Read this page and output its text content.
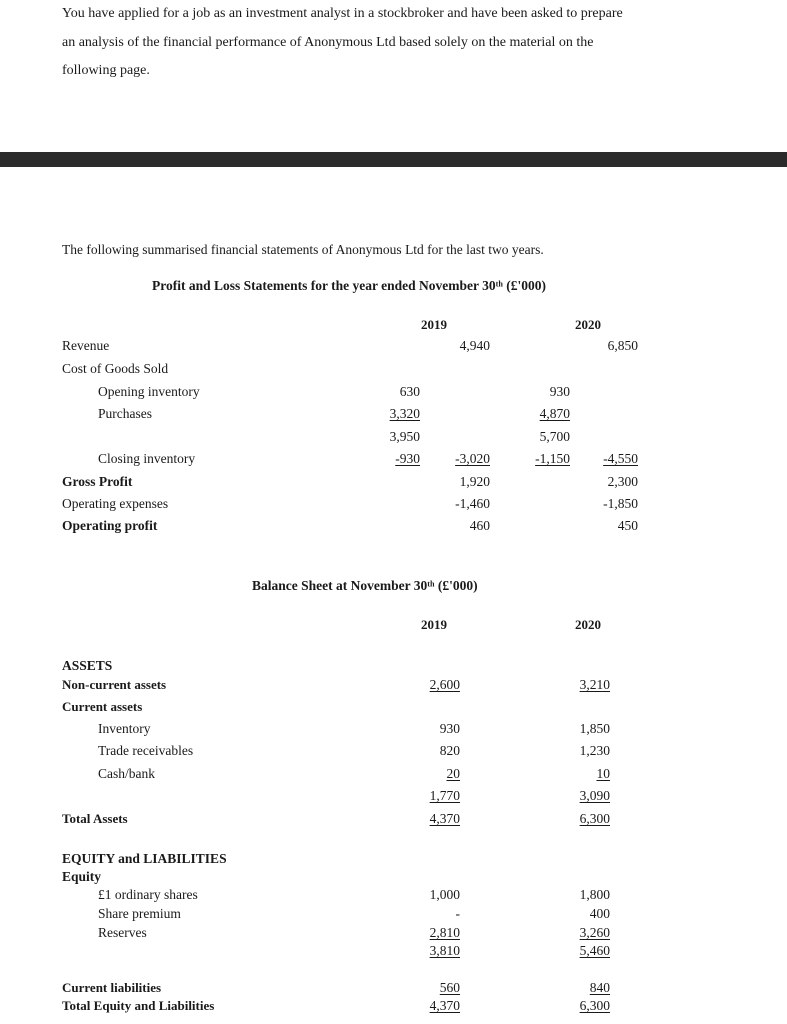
You have applied for a job as an investment analyst in a stockbroker and have been asked to prepare
an analysis of the financial performance of Anonymous Ltd based solely on the material on the
following page.
The following summarised financial statements of Anonymous Ltd for the last two years.
Profit and Loss Statements for the year ended November 30ᵗʰ (£'000)
2019	2020
Revenue	4,940	6,850
Cost of Goods Sold
Opening inventory	630	930
Purchases	3,320	4,870
3,950	5,700
Closing inventory	-930	-3,020	-1,150	-4,550
Gross Profit	1,920	2,300
Operating expenses	-1,460	-1,850
Operating profit	460	450
Balance Sheet at November 30ᵗʰ (£'000)
2019	2020
ASSETS
Non-current assets	2,600	3,210
Current assets
Inventory	930	1,850
Trade receivables	820	1,230
Cash/bank	20	10
1,770	3,090
Total Assets	4,370	6,300
EQUITY and LIABILITIES
Equity
£1 ordinary shares	1,000	1,800
Share premium	-	400
Reserves	2,810	3,260
3,810	5,460
Current liabilities	560	840
Total Equity and Liabilities	4,370	6,300
